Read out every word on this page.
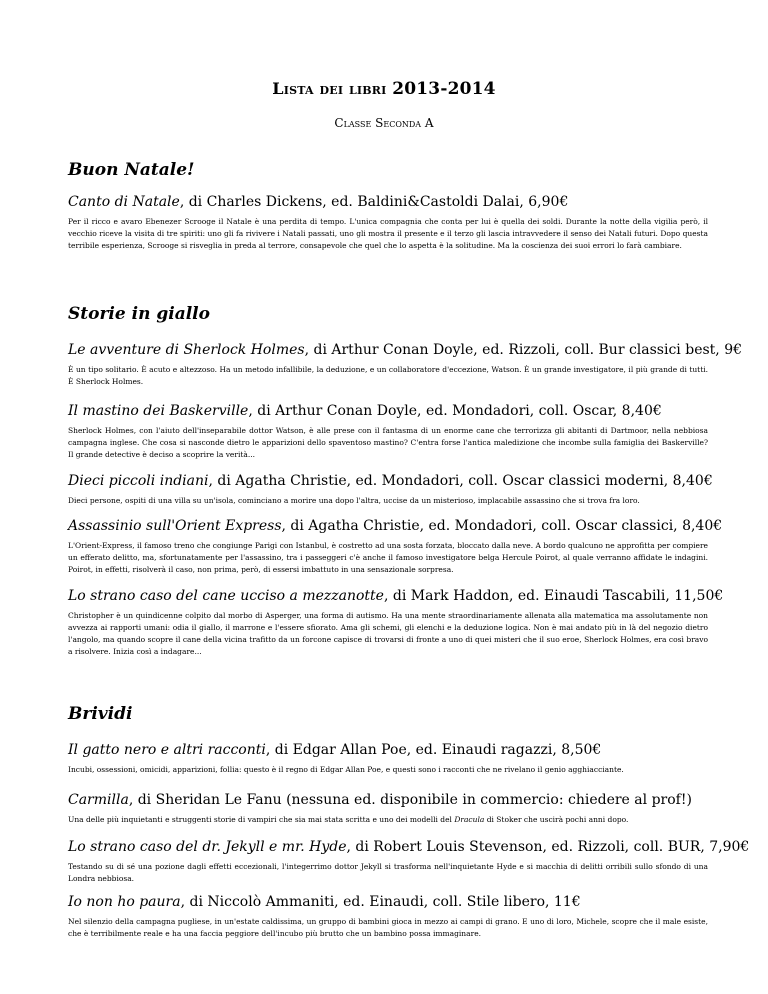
Lista dei libri 2013-2014
Classe Seconda A
Buon Natale!
Canto di Natale, di Charles Dickens, ed. Baldini&Castoldi Dalai, 6,90€
Per il ricco e avaro Ebenezer Scrooge il Natale è una perdita di tempo. L'unica compagnia che conta per lui è quella dei soldi. Durante la notte della vigilia però, il vecchio riceve la visita di tre spiriti: uno gli fa rivivere i Natali passati, uno gli mostra il presente e il terzo gli lascia intravvedere il senso dei Natali futuri. Dopo questa terribile esperienza, Scrooge si risveglia in preda al terrore, consapevole che quel che lo aspetta è la solitudine. Ma la coscienza dei suoi errori lo farà cambiare.
Storie in giallo
Le avventure di Sherlock Holmes, di Arthur Conan Doyle, ed. Rizzoli, coll. Bur classici best, 9€
È un tipo solitario. È acuto e altezzoso. Ha un metodo infallibile, la deduzione, e un collaboratore d'eccezione, Watson. È un grande investigatore, il più grande di tutti. È Sherlock Holmes.
Il mastino dei Baskerville, di Arthur Conan Doyle, ed. Mondadori, coll. Oscar, 8,40€
Sherlock Holmes, con l'aiuto dell'inseparabile dottor Watson, è alle prese con il fantasma di un enorme cane che terrorizza gli abitanti di Dartmoor, nella nebbiosa campagna inglese. Che cosa si nasconde dietro le apparizioni dello spaventoso mastino? C'entra forse l'antica maledizione che incombe sulla famiglia dei Baskerville? Il grande detective è deciso a scoprire la verità...
Dieci piccoli indiani, di Agatha Christie, ed. Mondadori, coll. Oscar classici moderni, 8,40€
Dieci persone, ospiti di una villa su un'isola, cominciano a morire una dopo l'altra, uccise da un misterioso, implacabile assassino che si trova fra loro.
Assassinio sull'Orient Express, di Agatha Christie, ed. Mondadori, coll. Oscar classici, 8,40€
L'Orient-Express, il famoso treno che congiunge Parigi con Istanbul, è costretto ad una sosta forzata, bloccato dalla neve. A bordo qualcuno ne approfitta per compiere un efferato delitto, ma, sfortunatamente per l'assassino, tra i passeggeri c'è anche il famoso investigatore belga Hercule Poirot, al quale verranno affidate le indagini. Poirot, in effetti, risolverà il caso, non prima, però, di essersi imbattuto in una sensazionale sorpresa.
Lo strano caso del cane ucciso a mezzanotte, di Mark Haddon, ed. Einaudi Tascabili, 11,50€
Christopher è un quindicenne colpito dal morbo di Asperger, una forma di autismo. Ha una mente straordinariamente allenata alla matematica ma assolutamente non avvezza ai rapporti umani: odia il giallo, il marrone e l'essere sfiorato. Ama gli schemi, gli elenchi e la deduzione logica. Non è mai andato più in là del negozio dietro l'angolo, ma quando scopre il cane della vicina trafitto da un forcone capisce di trovarsi di fronte a uno di quei misteri che il suo eroe, Sherlock Holmes, era così bravo a risolvere. Inizia così a indagare...
Brividi
Il gatto nero e altri racconti, di Edgar Allan Poe, ed. Einaudi ragazzi, 8,50€
Incubi, ossessioni, omicidi, apparizioni, follia: questo è il regno di Edgar Allan Poe, e questi sono i racconti che ne rivelano il genio agghiacciante.
Carmilla, di Sheridan Le Fanu (nessuna ed. disponibile in commercio: chiedere al prof!)
Una delle più inquietanti e struggenti storie di vampiri che sia mai stata scritta e uno dei modelli del Dracula di Stoker che uscirà pochi anni dopo.
Lo strano caso del dr. Jekyll e mr. Hyde, di Robert Louis Stevenson, ed. Rizzoli, coll. BUR, 7,90€
Testando su di sé una pozione dagli effetti eccezionali, l'integerrimo dottor Jekyll si trasforma nell'inquietante Hyde e si macchia di delitti orribili sullo sfondo di una Londra nebbiosa.
Io non ho paura, di Niccolò Ammaniti, ed. Einaudi, coll. Stile libero, 11€
Nel silenzio della campagna pugliese, in un'estate caldissima, un gruppo di bambini gioca in mezzo ai campi di grano. E uno di loro, Michele, scopre che il male esiste, che è terribilmente reale e ha una faccia peggiore dell'incubo più brutto che un bambino possa immaginare.
